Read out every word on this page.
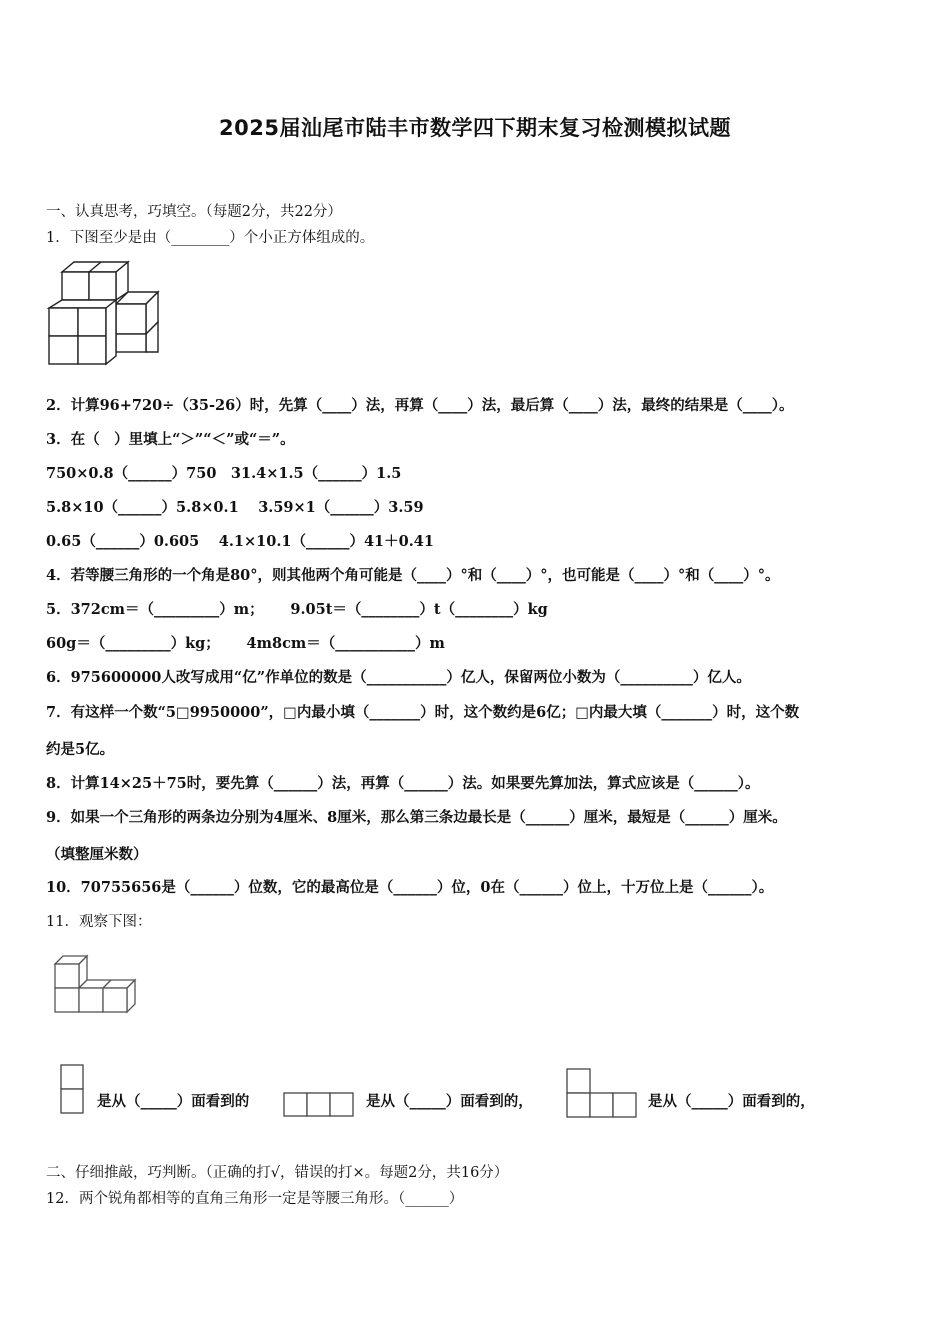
2025届汕尾市陆丰市数学四下期末复习检测模拟试题
一、认真思考，巧填空。（每题2分，共22分）
1．下图至少是由（________）个小正方体组成的。
2．计算96+720÷（35-26）时，先算（____）法，再算（____）法，最后算（____）法，最终的结果是（____）。
3．在（　）里填上“＞”“＜”或“＝”。
750×0.8（______）750　31.4×1.5（______）1.5
5.8×10（______）5.8×0.1　 3.59×1（______）3.59
0.65（______）0.605　 4.1×10.1（______）41＋0.41
4．若等腰三角形的一个角是80°，则其他两个角可能是（____）°和（____）°，也可能是（____）°和（____）°。
5．372cm＝（_________）m；　　 9.05t＝（________）t（________）kg
60g＝（_________）kg；　　 4m8cm＝（___________）m
6．975600000人改写成用“亿”作单位的数是（___________）亿人，保留两位小数为（__________）亿人。
7．有这样一个数“5□9950000”，□内最小填（_______）时，这个数约是6亿；□内最大填（_______）时，这个数
约是5亿。
8．计算14×25＋75时，要先算（______）法，再算（______）法。如果要先算加法，算式应该是（______）。
9．如果一个三角形的两条边分别为4厘米、8厘米，那么第三条边最长是（______）厘米，最短是（______）厘米。
（填整厘米数）
10．70755656是（______）位数，它的最高位是（______）位，0在（______）位上，十万位上是（______）。
11．观察下图：
是从（_____）面看到的	是从（_____）面看到的，	是从（_____）面看到的，
二、仔细推敲，巧判断。（正确的打√，错误的打×。每题2分，共16分）
12．两个锐角都相等的直角三角形一定是等腰三角形。（______）
